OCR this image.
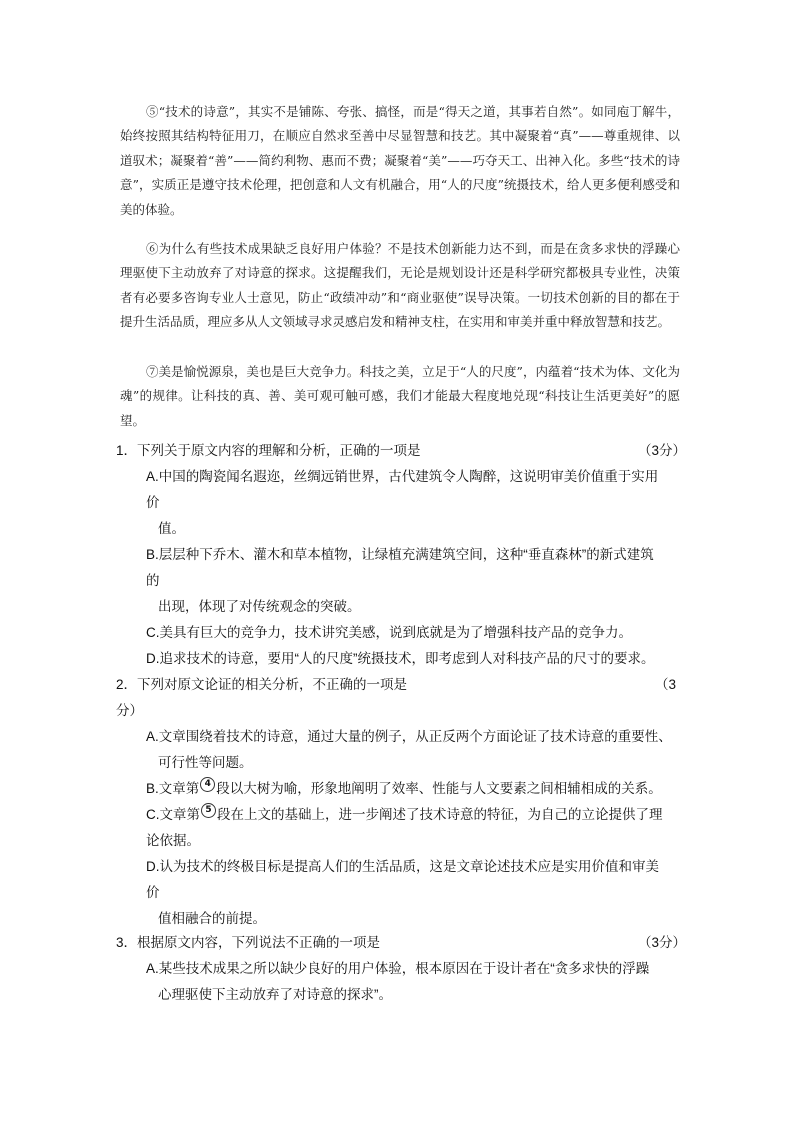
⑤“技术的诗意”，其实不是铺陈、夸张、搞怪，而是“得天之道，其事若自然”。如同庖丁解牛，始终按照其结构特征用刀，在顺应自然求至善中尽显智慧和技艺。其中凝聚着“真”——尊重规律、以道驭术；凝聚着“善”——简约利物、惠而不费；凝聚着“美”——巧夺天工、出神入化。多些“技术的诗意”，实质正是遵守技术伦理，把创意和人文有机融合，用“人的尺度”统摄技术，给人更多便利感受和美的体验。

⑥为什么有些技术成果缺乏良好用户体验？不是技术创新能力达不到，而是在贪多求快的浮躁心理驱使下主动放弃了对诗意的探求。这提醒我们，无论是规划设计还是科学研究都极具专业性，决策者有必要多咨询专业人士意见，防止“政绩冲动”和“商业驱使”误导决策。一切技术创新的目的都在于提升生活品质，理应多从人文领域寻求灵感启发和精神支柱，在实用和审美并重中释放智慧和技艺。

⑦美是愉悦源泉，美也是巨大竞争力。科技之美，立足于“人的尺度”，内蕴着“技术为体、文化为魂”的规律。让科技的真、善、美可观可触可感，我们才能最大程度地兑现“科技让生活更美好”的愿望。

1．下列关于原文内容的理解和分析，正确的一项是	（3分）
A.中国的陶瓷闻名遐迩，丝绸远销世界，古代建筑令人陶醉，这说明审美价值重于实用
价
值。
B.层层种下乔木、灌木和草本植物，让绿植充满建筑空间，这种“垂直森林”的新式建筑
的
出现，体现了对传统观念的突破。
C.美具有巨大的竞争力，技术讲究美感，说到底就是为了增强科技产品的竞争力。
D.追求技术的诗意，要用“人的尺度”统摄技术，即考虑到人对科技产品的尺寸的要求。
2．下列对原文论证的相关分析，不正确的一项是	（3
分）
A.文章围绕着技术的诗意，通过大量的例子，从正反两个方面论证了技术诗意的重要性、
可行性等问题。
B.文章第 4 段以大树为喻，形象地阐明了效率、性能与人文要素之间相辅相成的关系。
C.文章第 5 段在上文的基础上，进一步阐述了技术诗意的特征，为自己的立论提供了理
论依据。
D.认为技术的终极目标是提高人们的生活品质，这是文章论述技术应是实用价值和审美
价
值相融合的前提。
3．根据原文内容，下列说法不正确的一项是	（3分）
A.某些技术成果之所以缺少良好的用户体验，根本原因在于设计者在“贪多求快的浮躁
心理驱使下主动放弃了对诗意的探求”。
